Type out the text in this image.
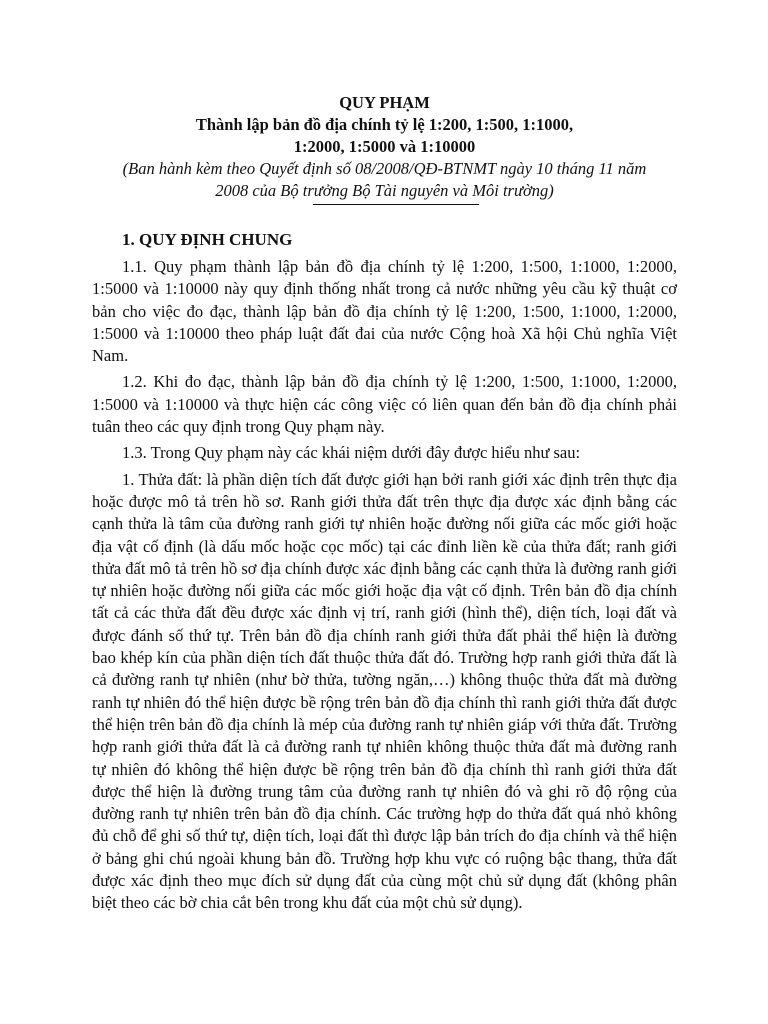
QUY PHẠM
Thành lập bản đồ địa chính tỷ lệ 1:200, 1:500, 1:1000,
1:2000, 1:5000 và 1:10000
(Ban hành kèm theo Quyết định số 08/2008/QĐ-BTNMT ngày 10 tháng 11 năm
2008 của Bộ trưởng Bộ Tài nguyên và Môi trường)
1. QUY ĐỊNH CHUNG

1.1. Quy phạm thành lập bản đồ địa chính tỷ lệ 1:200, 1:500, 1:1000, 1:2000, 1:5000 và 1:10000 này quy định thống nhất trong cả nước những yêu cầu kỹ thuật cơ bản cho việc đo đạc, thành lập bản đồ địa chính tỷ lệ 1:200, 1:500, 1:1000, 1:2000, 1:5000 và 1:10000 theo pháp luật đất đai của nước Cộng hoà Xã hội Chủ nghĩa Việt Nam.

1.2. Khi đo đạc, thành lập bản đồ địa chính tỷ lệ 1:200, 1:500, 1:1000, 1:2000, 1:5000 và 1:10000 và thực hiện các công việc có liên quan đến bản đồ địa chính phải tuân theo các quy định trong Quy phạm này.

1.3. Trong Quy phạm này các khái niệm dưới đây được hiểu như sau:

1. Thửa đất: là phần diện tích đất được giới hạn bởi ranh giới xác định trên thực địa hoặc được mô tả trên hồ sơ. Ranh giới thửa đất trên thực địa được xác định bằng các cạnh thửa là tâm của đường ranh giới tự nhiên hoặc đường nối giữa các mốc giới hoặc địa vật cố định (là dấu mốc hoặc cọc mốc) tại các đỉnh liền kề của thửa đất; ranh giới thửa đất mô tả trên hồ sơ địa chính được xác định bằng các cạnh thửa là đường ranh giới tự nhiên hoặc đường nối giữa các mốc giới hoặc địa vật cố định. Trên bản đồ địa chính tất cả các thửa đất đều được xác định vị trí, ranh giới (hình thể), diện tích, loại đất và được đánh số thứ tự. Trên bản đồ địa chính ranh giới thửa đất phải thể hiện là đường bao khép kín của phần diện tích đất thuộc thửa đất đó. Trường hợp ranh giới thửa đất là cả đường ranh tự nhiên (như bờ thửa, tường ngăn,…) không thuộc thửa đất mà đường ranh tự nhiên đó thể hiện được bề rộng trên bản đồ địa chính thì ranh giới thửa đất được thể hiện trên bản đồ địa chính là mép của đường ranh tự nhiên giáp với thửa đất. Trường hợp ranh giới thửa đất là cả đường ranh tự nhiên không thuộc thửa đất mà đường ranh tự nhiên đó không thể hiện được bề rộng trên bản đồ địa chính thì ranh giới thửa đất được thể hiện là đường trung tâm của đường ranh tự nhiên đó và ghi rõ độ rộng của đường ranh tự nhiên trên bản đồ địa chính. Các trường hợp do thửa đất quá nhỏ không đủ chỗ để ghi số thứ tự, diện tích, loại đất thì được lập bản trích đo địa chính và thể hiện ở bảng ghi chú ngoài khung bản đồ. Trường hợp khu vực có ruộng bậc thang, thửa đất được xác định theo mục đích sử dụng đất của cùng một chủ sử dụng đất (không phân biệt theo các bờ chia cắt bên trong khu đất của một chủ sử dụng).
